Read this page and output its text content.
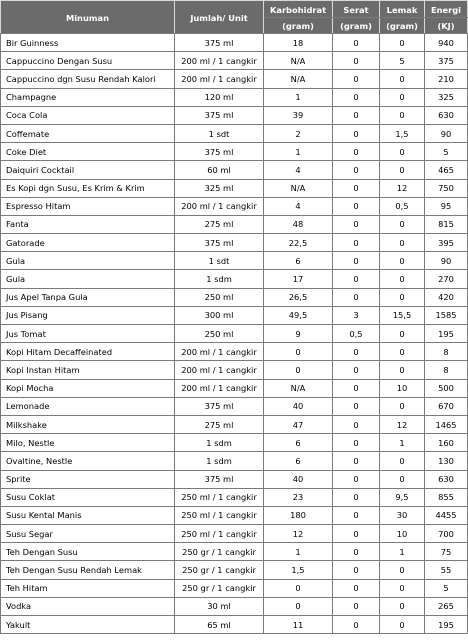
Minuman	Jumlah/ Unit	Karbohidrat	Serat	Lemak	Energi
		(gram)	(gram)	(gram)	(KJ)
Bir Guinness	375 ml	18	0	0	940
Cappuccino Dengan Susu	200 ml / 1 cangkir	N/A	0	5	375
Cappuccino dgn Susu Rendah Kalori	200 ml / 1 cangkir	N/A	0	0	210
Champagne	120 ml	1	0	0	325
Coca Cola	375 ml	39	0	0	630
Coffemate	1 sdt	2	0	1,5	90
Coke Diet	375 ml	1	0	0	5
Daiquiri Cocktail	60 ml	4	0	0	465
Es Kopi dgn Susu, Es Krim & Krim	325 ml	N/A	0	12	750
Espresso Hitam	200 ml / 1 cangkir	4	0	0,5	95
Fanta	275 ml	48	0	0	815
Gatorade	375 ml	22,5	0	0	395
Gula	1 sdt	6	0	0	90
Gula	1 sdm	17	0	0	270
Jus Apel Tanpa Gula	250 ml	26,5	0	0	420
Jus Pisang	300 ml	49,5	3	15,5	1585
Jus Tomat	250 ml	9	0,5	0	195
Kopi Hitam Decaffeinated	200 ml / 1 cangkir	0	0	0	8
Kopi Instan Hitam	200 ml / 1 cangkir	0	0	0	8
Kopi Mocha	200 ml / 1 cangkir	N/A	0	10	500
Lemonade	375 ml	40	0	0	670
Milkshake	275 ml	47	0	12	1465
Milo, Nestle	1 sdm	6	0	1	160
Ovaltine, Nestle	1 sdm	6	0	0	130
Sprite	375 ml	40	0	0	630
Susu Coklat	250 ml / 1 cangkir	23	0	9,5	855
Susu Kental Manis	250 ml / 1 cangkir	180	0	30	4455
Susu Segar	250 ml / 1 cangkir	12	0	10	700
Teh Dengan Susu	250 gr / 1 cangkir	1	0	1	75
Teh Dengan Susu Rendah Lemak	250 gr / 1 cangkir	1,5	0	0	55
Teh Hitam	250 gr / 1 cangkir	0	0	0	5
Vodka	30 ml	0	0	0	265
Yakult	65 ml	11	0	0	195
